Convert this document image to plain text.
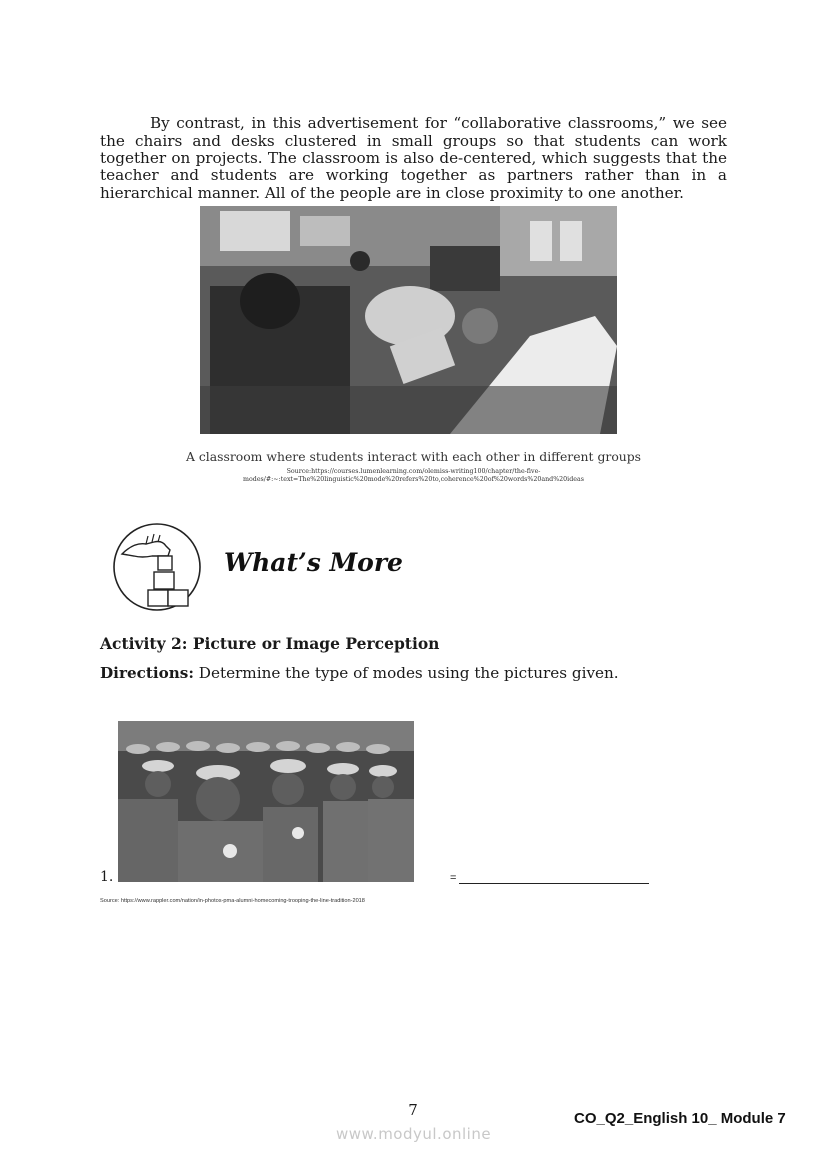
By contrast, in this advertisement for “collaborative classrooms,” we see the chairs and desks clustered in small groups so that students can work together on projects. The classroom is also de-centered, which suggests that the teacher and students are working together as partners rather than in a hierarchical manner. All of the people are in close proximity to one another.

A classroom where students interact with each other in different groups
Source:https://courses.lumenlearning.com/olemiss-writing100/chapter/the-five-
modes/#:~:text=The%20linguistic%20mode%20refers%20to,coherence%20of%20words%20and%20ideas
What’s More
Activity 2: Picture or Image Perception
Directions: Determine the type of modes using the pictures given.
1.	=
Source: https://www.rappler.com/nation/in-photos-pma-alumni-homecoming-trooping-the-line-tradition-2018
7	CO_Q2_English 10_ Module 7
www.modyul.online
